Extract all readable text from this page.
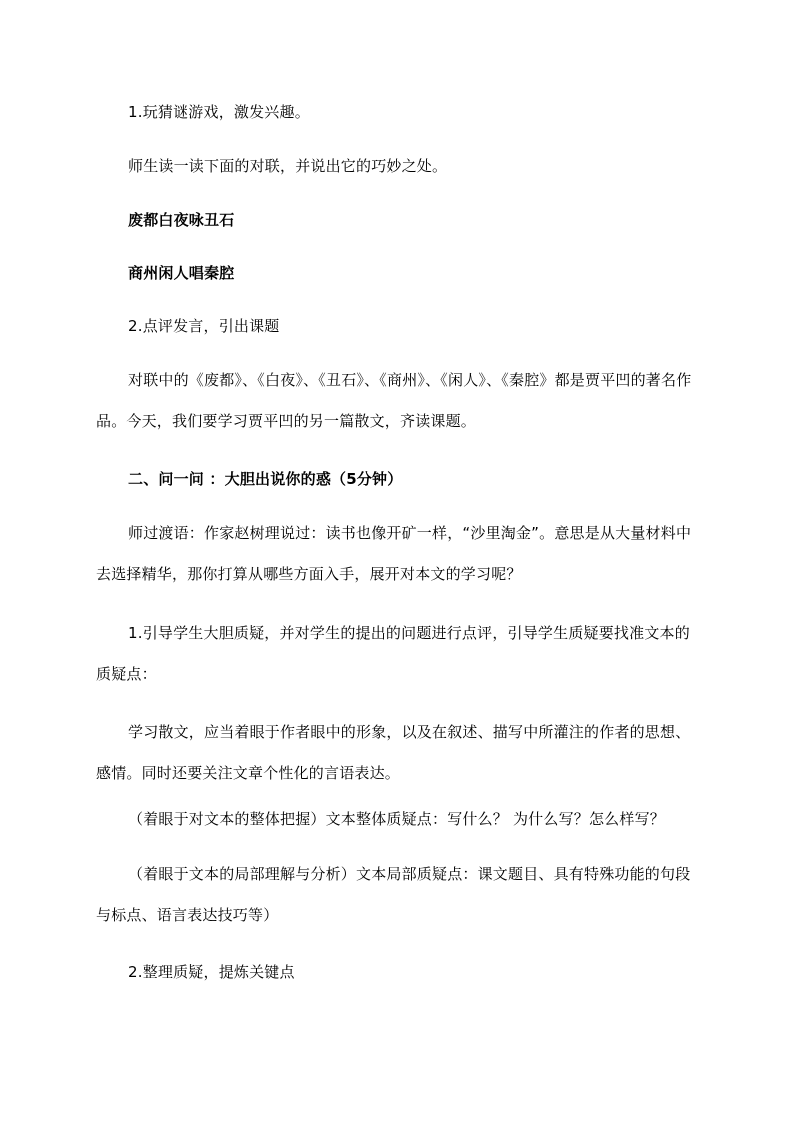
1.玩猜谜游戏，激发兴趣。

师生读一读下面的对联，并说出它的巧妙之处。

废都白夜咏丑石

商州闲人唱秦腔

2.点评发言，引出课题

对联中的《废都》、《白夜》、《丑石》、《商州》、《闲人》、《秦腔》都是贾平凹的著名作品。今天，我们要学习贾平凹的另一篇散文，齐读课题。

二、问一问 ：大胆出说你的惑（5分钟）

师过渡语：作家赵树理说过：读书也像开矿一样，“沙里淘金”。意思是从大量材料中去选择精华，那你打算从哪些方面入手，展开对本文的学习呢？

1.引导学生大胆质疑，并对学生的提出的问题进行点评，引导学生质疑要找准文本的质疑点：

学习散文，应当着眼于作者眼中的形象，以及在叙述、描写中所灌注的作者的思想、感情。同时还要关注文章个性化的言语表达。

（着眼于对文本的整体把握）文本整体质疑点：写什么？ 为什么写？怎么样写？

（着眼于文本的局部理解与分析）文本局部质疑点：课文题目、具有特殊功能的句段与标点、语言表达技巧等）

2.整理质疑，提炼关键点
